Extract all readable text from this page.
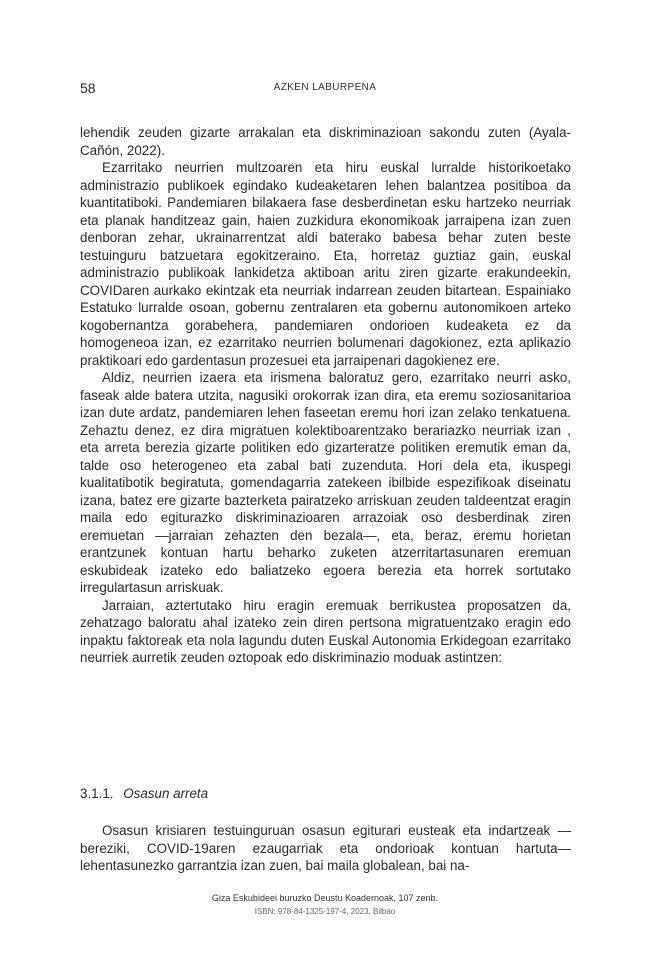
58	AZKEN LABURPENA

lehendik zeuden gizarte arrakalan eta diskriminazioan sakondu zuten (Ayala-Cañón, 2022).

Ezarritako neurrien multzoaren eta hiru euskal lurralde historikoetako administrazio publikoek egindako kudeaketaren lehen balantzea positiboa da kuantitatiboki. Pandemiaren bilakaera fase desberdinetan esku hartzeko neurriak eta planak handitzeaz gain, haien zuzkidura ekonomikoak jarraipena izan zuen denboran zehar, ukrainarrentzat aldi baterako babesa behar zuten beste testuinguru batzuetara egokitzeraino. Eta, horretaz guztiaz gain, euskal administrazio publikoak lankidetza aktiboan aritu ziren gizarte erakundeekin, COVIDaren aurkako ekintzak eta neurriak indarrean zeuden bitartean. Espainiako Estatuko lurralde osoan, gobernu zentralaren eta gobernu autonomikoen arteko kogobernantza gorabehera, pandemiaren ondorioen kudeaketa ez da homogeneoa izan, ez ezarritako neurrien bolumenari dagokionez, ezta aplikazio praktikoari edo gardentasun prozesuei eta jarraipenari dagokienez ere.

Aldiz, neurrien izaera eta irismena baloratuz gero, ezarritako neurri asko, faseak alde batera utzita, nagusiki orokorrak izan dira, eta eremu soziosanitarioa izan dute ardatz, pandemiaren lehen faseetan eremu hori izan zelako tenkatuena. Zehaztu denez, ez dira migratuen kolektiboarentzako berariazko neurriak izan , eta arreta berezia gizarte politiken edo gizarteratze politiken eremutik eman da, talde oso heterogeneo eta zabal bati zuzenduta. Hori dela eta, ikuspegi kualitatibotik begiratuta, gomendagarria zatekeen ibilbide espezifikoak diseinatu izana, batez ere gizarte bazterketa pairatzeko arriskuan zeuden taldeentzat eragin maila edo egiturazko diskriminazioaren arrazoiak oso desberdinak ziren eremuetan —jarraian zehazten den bezala—, eta, beraz, eremu horietan erantzunek kontuan hartu beharko zuketen atzerritartasunaren eremuan eskubideak izateko edo baliatzeko egoera berezia eta horrek sortutako irregulartasun arriskuak.

Jarraian, aztertutako hiru eragin eremuak berrikustea proposatzen da, zehatzago baloratu ahal izateko zein diren pertsona migratuentzako eragin edo inpaktu faktoreak eta nola lagundu duten Euskal Autonomia Erkidegoan ezarritako neurriek aurretik zeuden oztopoak edo diskriminazio moduak astintzen:

3.1.1. Osasun arreta

Osasun krisiaren testuinguruan osasun egiturari eusteak eta indartzeak —bereziki, COVID-19aren ezaugarriak eta ondorioak kontuan hartuta— lehentasunezko garrantzia izan zuen, bai maila globalean, bai na-

Giza Eskubideei buruzko Deustu Koadernoak, 107 zenb.
ISBN: 978-84-1325-197-4, 2023, Bilbao
